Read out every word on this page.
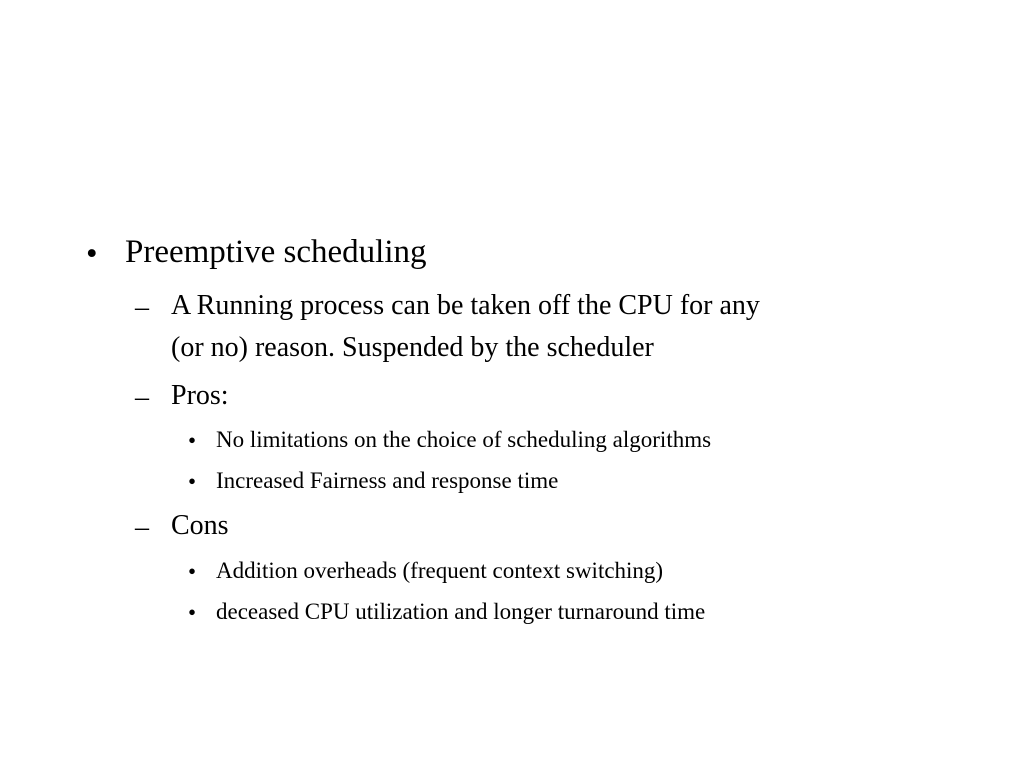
• Preemptive scheduling
– A Running process can be taken off the CPU for any
(or no) reason. Suspended by the scheduler
– Pros:
• No limitations on the choice of scheduling algorithms
• Increased Fairness and response time
– Cons
• Addition overheads (frequent context switching)
• deceased CPU utilization and longer turnaround time
